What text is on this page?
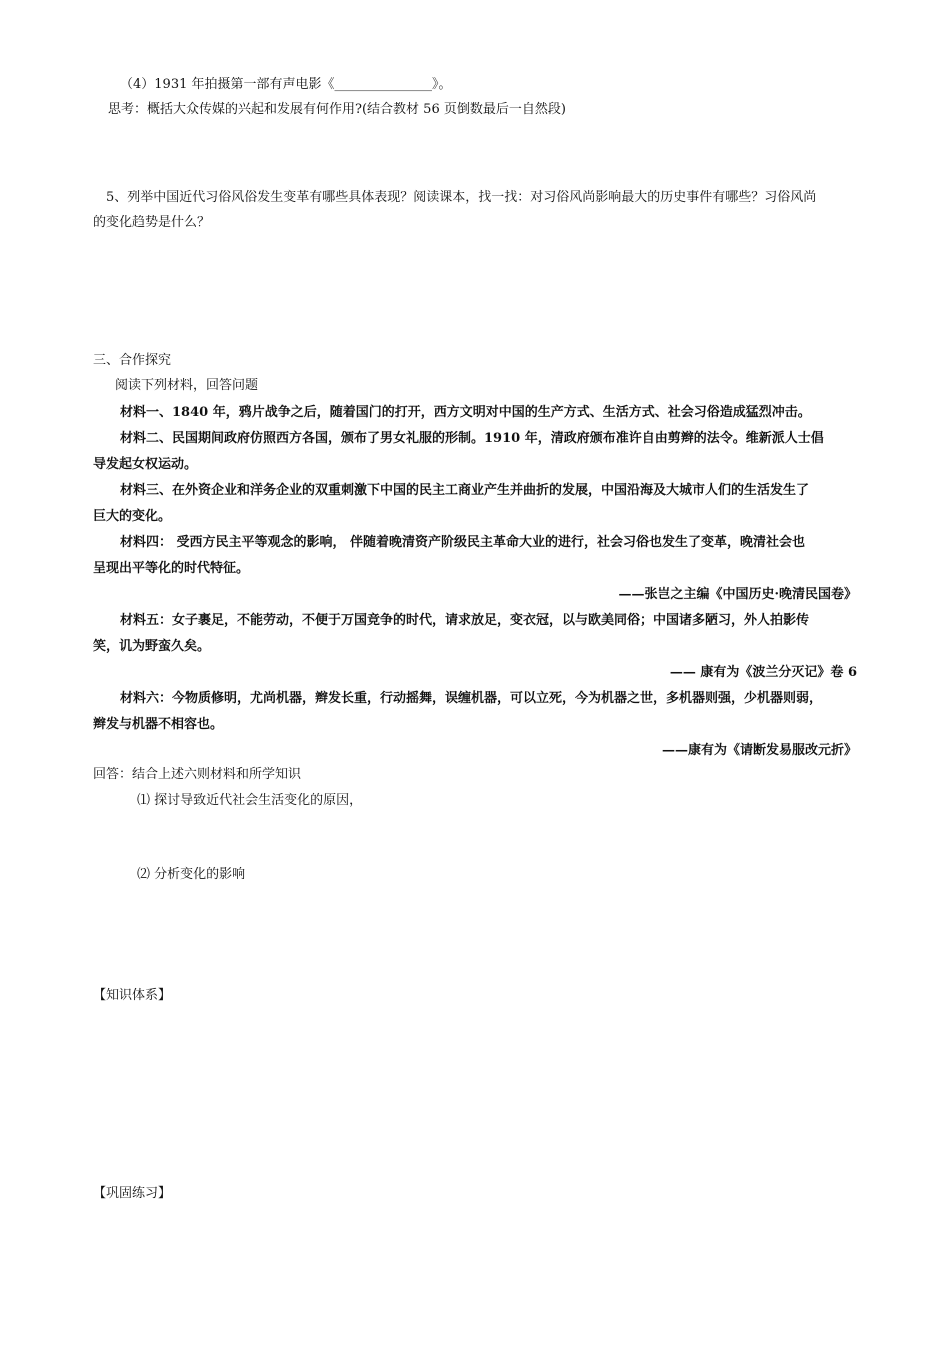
（4）1931 年拍摄第一部有声电影《_______________》。
思考：概括大众传媒的兴起和发展有何作用?(结合教材 56 页倒数最后一自然段)
5、列举中国近代习俗风俗发生变革有哪些具体表现？阅读课本，找一找：对习俗风尚影响最大的历史事件有哪些？习俗风尚
的变化趋势是什么？
三、合作探究
阅读下列材料，回答问题
材料一、1840 年，鸦片战争之后，随着国门的打开，西方文明对中国的生产方式、生活方式、社会习俗造成猛烈冲击。
材料二、民国期间政府仿照西方各国，颁布了男女礼服的形制。1910 年，清政府颁布准许自由剪辫的法令。维新派人士倡
导发起女权运动。
材料三、在外资企业和洋务企业的双重刺激下中国的民主工商业产生并曲折的发展，中国沿海及大城市人们的生活发生了
巨大的变化。
材料四： 受西方民主平等观念的影响， 伴随着晚清资产阶级民主革命大业的进行，社会习俗也发生了变革，晚清社会也
呈现出平等化的时代特征。
——张岂之主编《中国历史·晚清民国卷》
材料五：女子裹足，不能劳动，不便于万国竞争的时代，请求放足，变衣冠，以与欧美同俗；中国诸多陋习，外人拍影传
笑，讥为野蛮久矣。
—— 康有为《波兰分灭记》卷 6
材料六：今物质修明，尤尚机器，辫发长重，行动摇舞，误缠机器，可以立死，今为机器之世，多机器则强，少机器则弱，
辫发与机器不相容也。
——康有为《请断发易服改元折》
回答：结合上述六则材料和所学知识
⑴ 探讨导致近代社会生活变化的原因，
⑵ 分析变化的影响
【知识体系】
【巩固练习】
